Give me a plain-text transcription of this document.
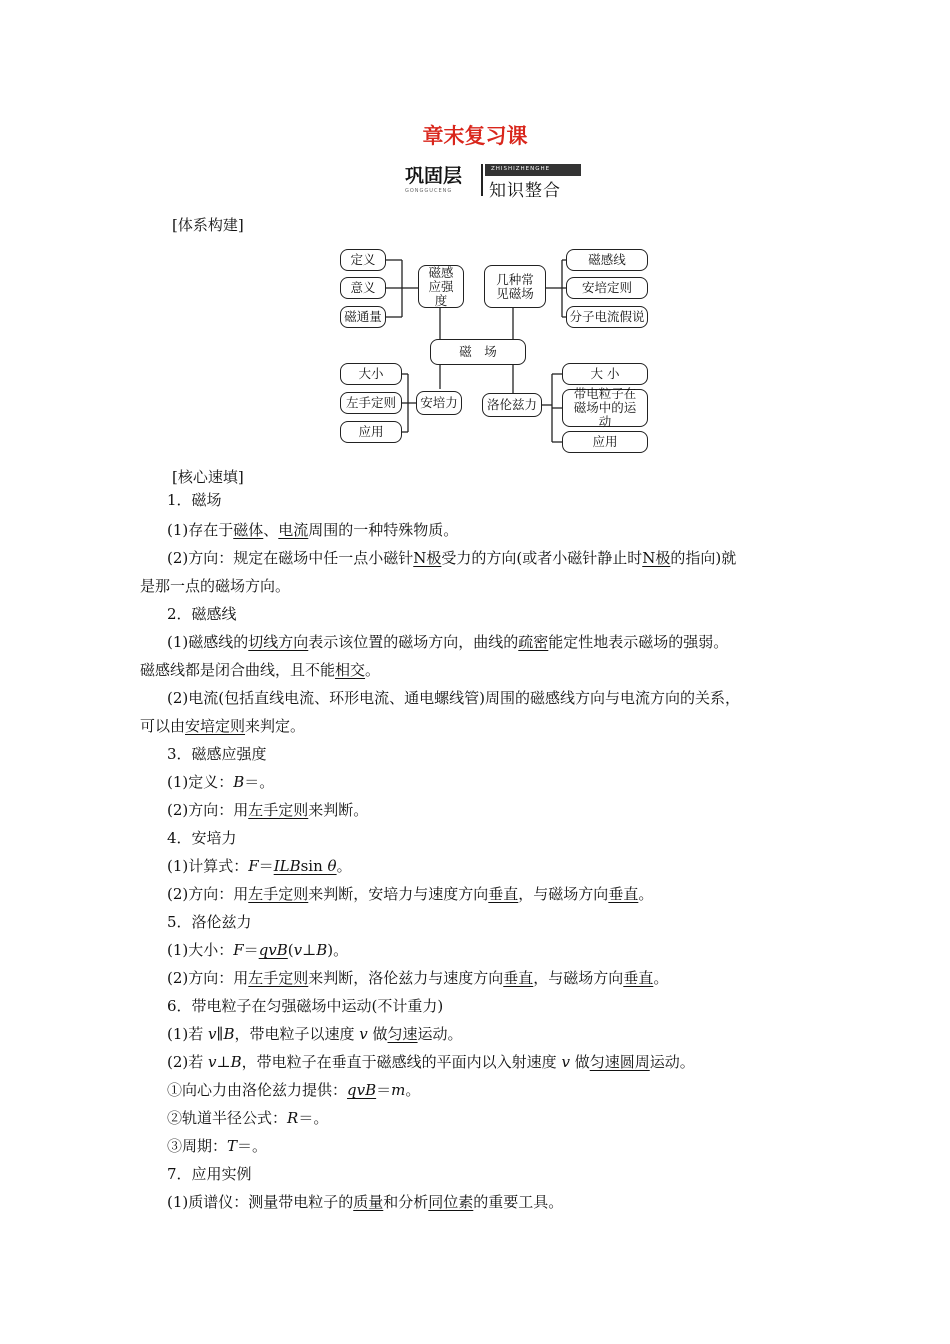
章末复习课
巩固层
GONGGUCENG
ZHISHIZHENGHE
知识整合
[体系构建]
定义
意义
磁通量
磁感应强度
几种常见磁场
磁感线
安培定则
分子电流假说
磁　场
大小
左手定则
应用
安培力	洛伦兹力
大 小
带电粒子在磁场中的运动
应用
[核心速填]
1．磁场
(1)存在于磁体、电流周围的一种特殊物质。
(2)方向：规定在磁场中任一点小磁针N极受力的方向(或者小磁针静止时N极的指向)就
是那一点的磁场方向。
2．磁感线
(1)磁感线的切线方向表示该位置的磁场方向，曲线的疏密能定性地表示磁场的强弱。
磁感线都是闭合曲线，且不能相交。
(2)电流(包括直线电流、环形电流、通电螺线管)周围的磁感线方向与电流方向的关系，
可以由安培定则来判定。
3．磁感应强度
(1)定义：B＝。
(2)方向：用左手定则来判断。
4．安培力
(1)计算式：F＝ILBsin θ。
(2)方向：用左手定则来判断，安培力与速度方向垂直，与磁场方向垂直。
5．洛伦兹力
(1)大小：F＝qvB(v⊥B)。
(2)方向：用左手定则来判断，洛伦兹力与速度方向垂直，与磁场方向垂直。
6．带电粒子在匀强磁场中运动(不计重力)
(1)若 v∥B，带电粒子以速度 v 做匀速运动。
(2)若 v⊥B，带电粒子在垂直于磁感线的平面内以入射速度 v 做匀速圆周运动。
①向心力由洛伦兹力提供：qvB＝m。
②轨道半径公式：R＝。
③周期：T＝。
7．应用实例
(1)质谱仪：测量带电粒子的质量和分析同位素的重要工具。
